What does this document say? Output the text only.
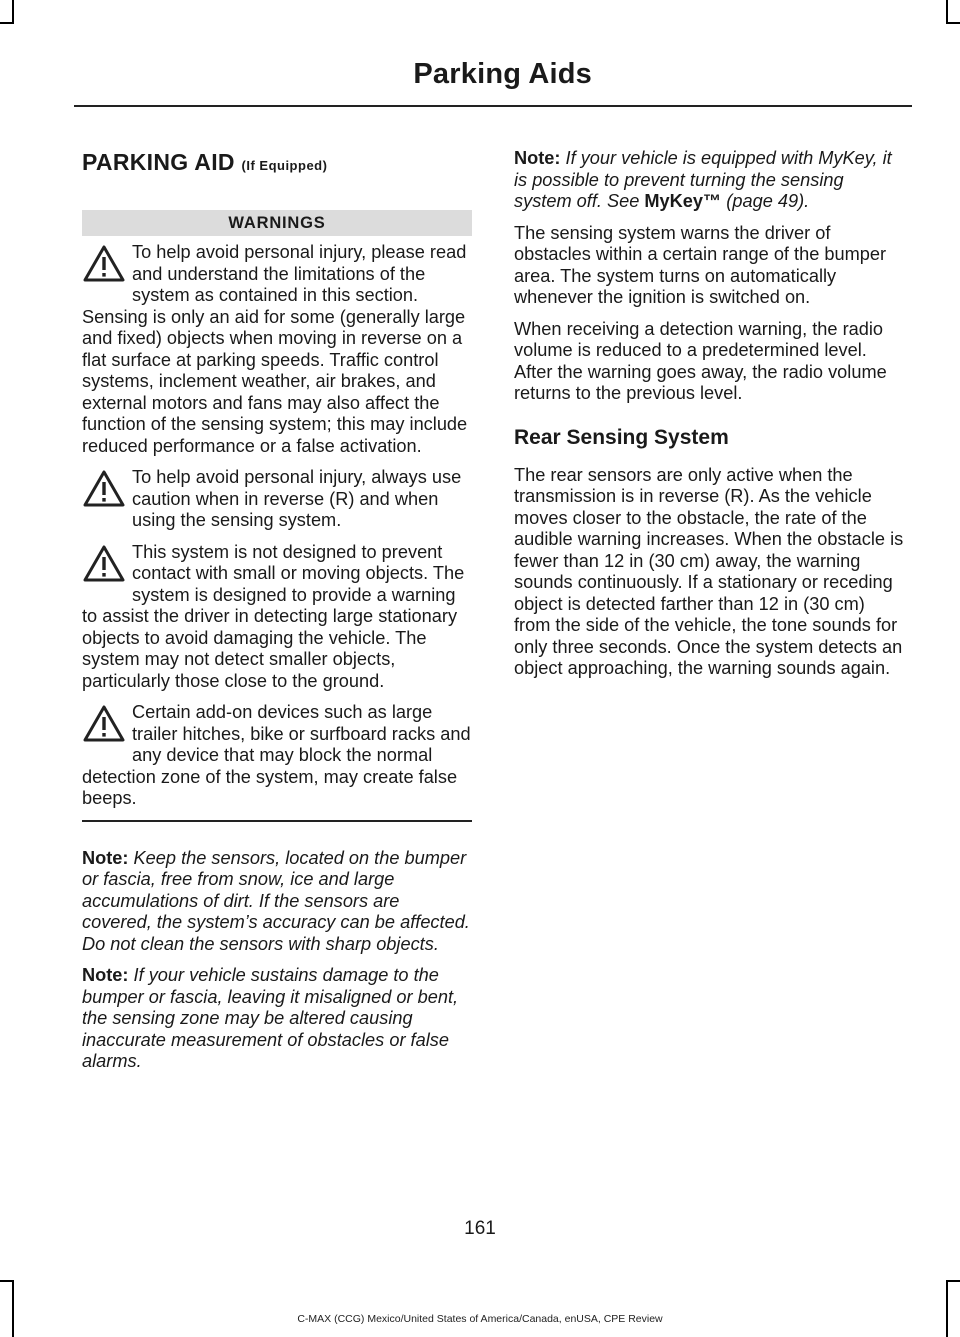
Parking Aids
PARKING AID (If Equipped)
WARNINGS
To help avoid personal injury, please read and understand the limitations of the system as contained in this section. Sensing is only an aid for some (generally large and fixed) objects when moving in reverse on a flat surface at parking speeds. Traffic control systems, inclement weather, air brakes, and external motors and fans may also affect the function of the sensing system; this may include reduced performance or a false activation.
To help avoid personal injury, always use caution when in reverse (R) and when using the sensing system.
This system is not designed to prevent contact with small or moving objects. The system is designed to provide a warning to assist the driver in detecting large stationary objects to avoid damaging the vehicle. The system may not detect smaller objects, particularly those close to the ground.
Certain add-on devices such as large trailer hitches, bike or surfboard racks and any device that may block the normal detection zone of the system, may create false beeps.

Note: Keep the sensors, located on the bumper or fascia, free from snow, ice and large accumulations of dirt. If the sensors are covered, the system’s accuracy can be affected. Do not clean the sensors with sharp objects.

Note: If your vehicle sustains damage to the bumper or fascia, leaving it misaligned or bent, the sensing zone may be altered causing inaccurate measurement of obstacles or false alarms.

Note: If your vehicle is equipped with MyKey, it is possible to prevent turning the sensing system off. See MyKey™ (page 49).

The sensing system warns the driver of obstacles within a certain range of the bumper area. The system turns on automatically whenever the ignition is switched on.

When receiving a detection warning, the radio volume is reduced to a predetermined level. After the warning goes away, the radio volume returns to the previous level.

Rear Sensing System

The rear sensors are only active when the transmission is in reverse (R). As the vehicle moves closer to the obstacle, the rate of the audible warning increases. When the obstacle is fewer than 12 in (30 cm) away, the warning sounds continuously. If a stationary or receding object is detected farther than 12 in (30 cm) from the side of the vehicle, the tone sounds for only three seconds. Once the system detects an object approaching, the warning sounds again.

161
C-MAX (CCG) Mexico/United States of America/Canada, enUSA, CPE Review
